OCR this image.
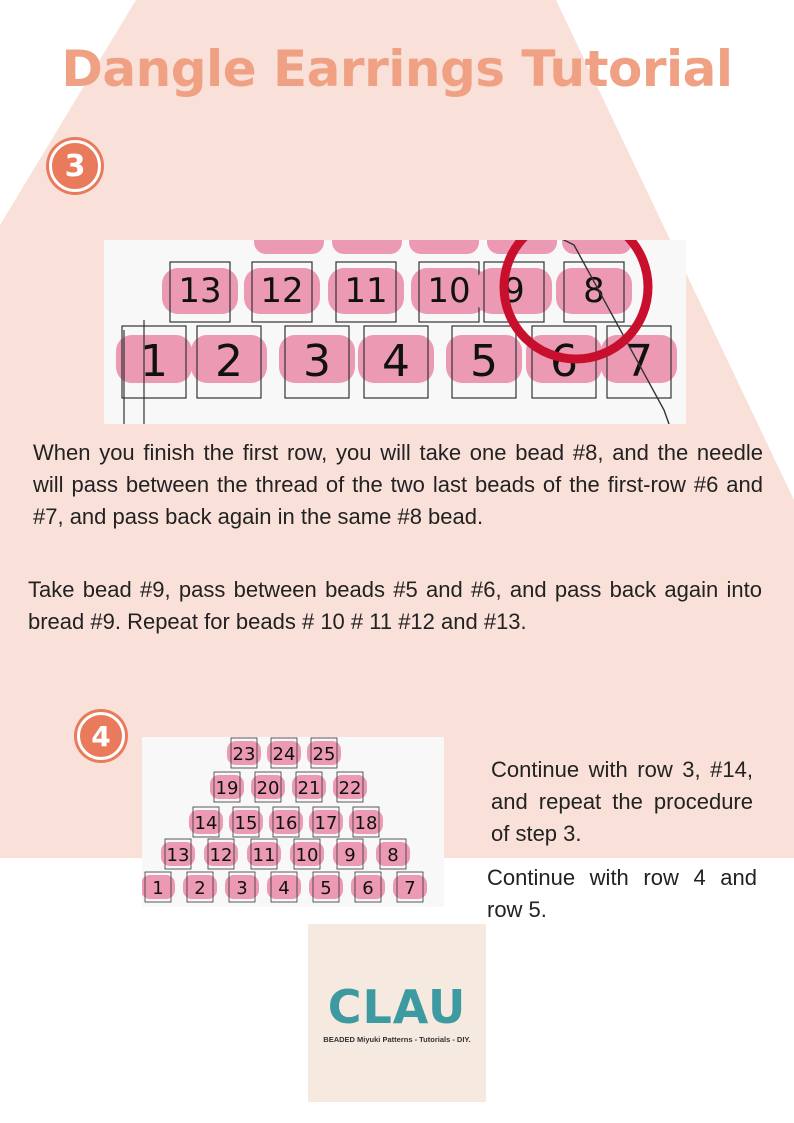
Dangle Earrings Tutorial
3
13 12 11 10 9 8
1 2 3 4 5 6 7

When you finish the first row, you will take one bead #8, and the needle will pass between the thread of the two last beads of the first-row #6 and #7, and pass back again in the same #8 bead.

Take bead #9, pass between beads #5 and #6, and pass back again into bread #9. Repeat for beads # 10 # 11 #12 and #13.

4
23 24 25
19 20 21 22
14 15 16 17 18
13 12 11 10 9 8
1 2 3 4 5 6 7

Continue with row 3, #14, and repeat the procedure of step 3.

Continue with row 4 and row 5.

CLAU
BEADED Miyuki Patterns - Tutorials - DIY.
